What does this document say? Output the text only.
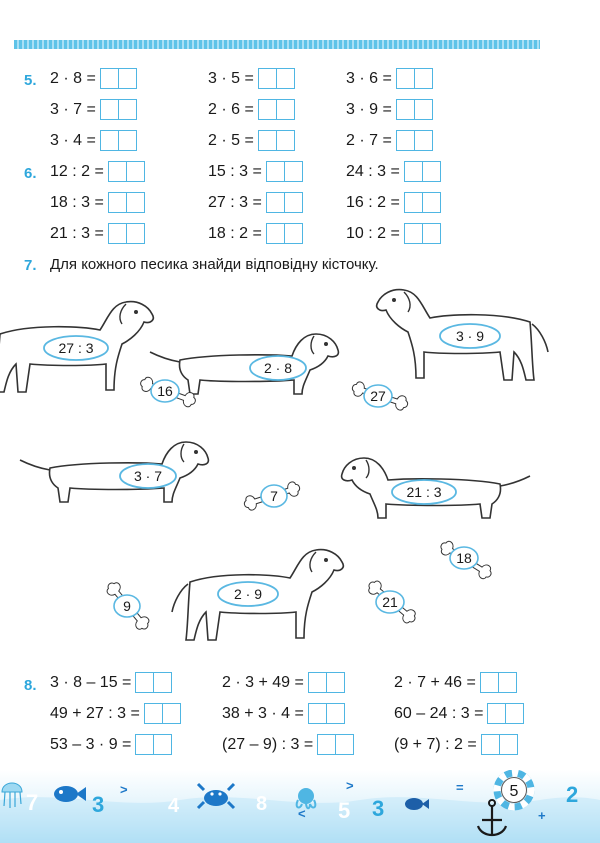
5. 2 · 8 =	3 · 5 =	3 · 6 =
3 · 7 =	2 · 6 =	3 · 9 =
3 · 4 =	2 · 5 =	2 · 7 =
6. 12 : 2 =	15 : 3 =	24 : 3 =
18 : 3 =	27 : 3 =	16 : 2 =
21 : 3 =	18 : 2 =	10 : 2 =
7. Для кожного песика знайди відповідну кісточку.
27 : 3
2 · 8
3 · 9
3 · 7
21 : 3
2 · 9
16	27
7
18
9	21
8. 3 · 8 – 15 =	2 · 3 + 49 =	2 · 7 + 46 =
49 + 27 : 3 =	38 + 3 · 4 =	60 – 24 : 3 =
53 – 3 · 9 =	(27 – 9) : 3 =	(9 + 7) : 2 =
7 3
>
4	8
>
< 5 3
=
+
2
5
